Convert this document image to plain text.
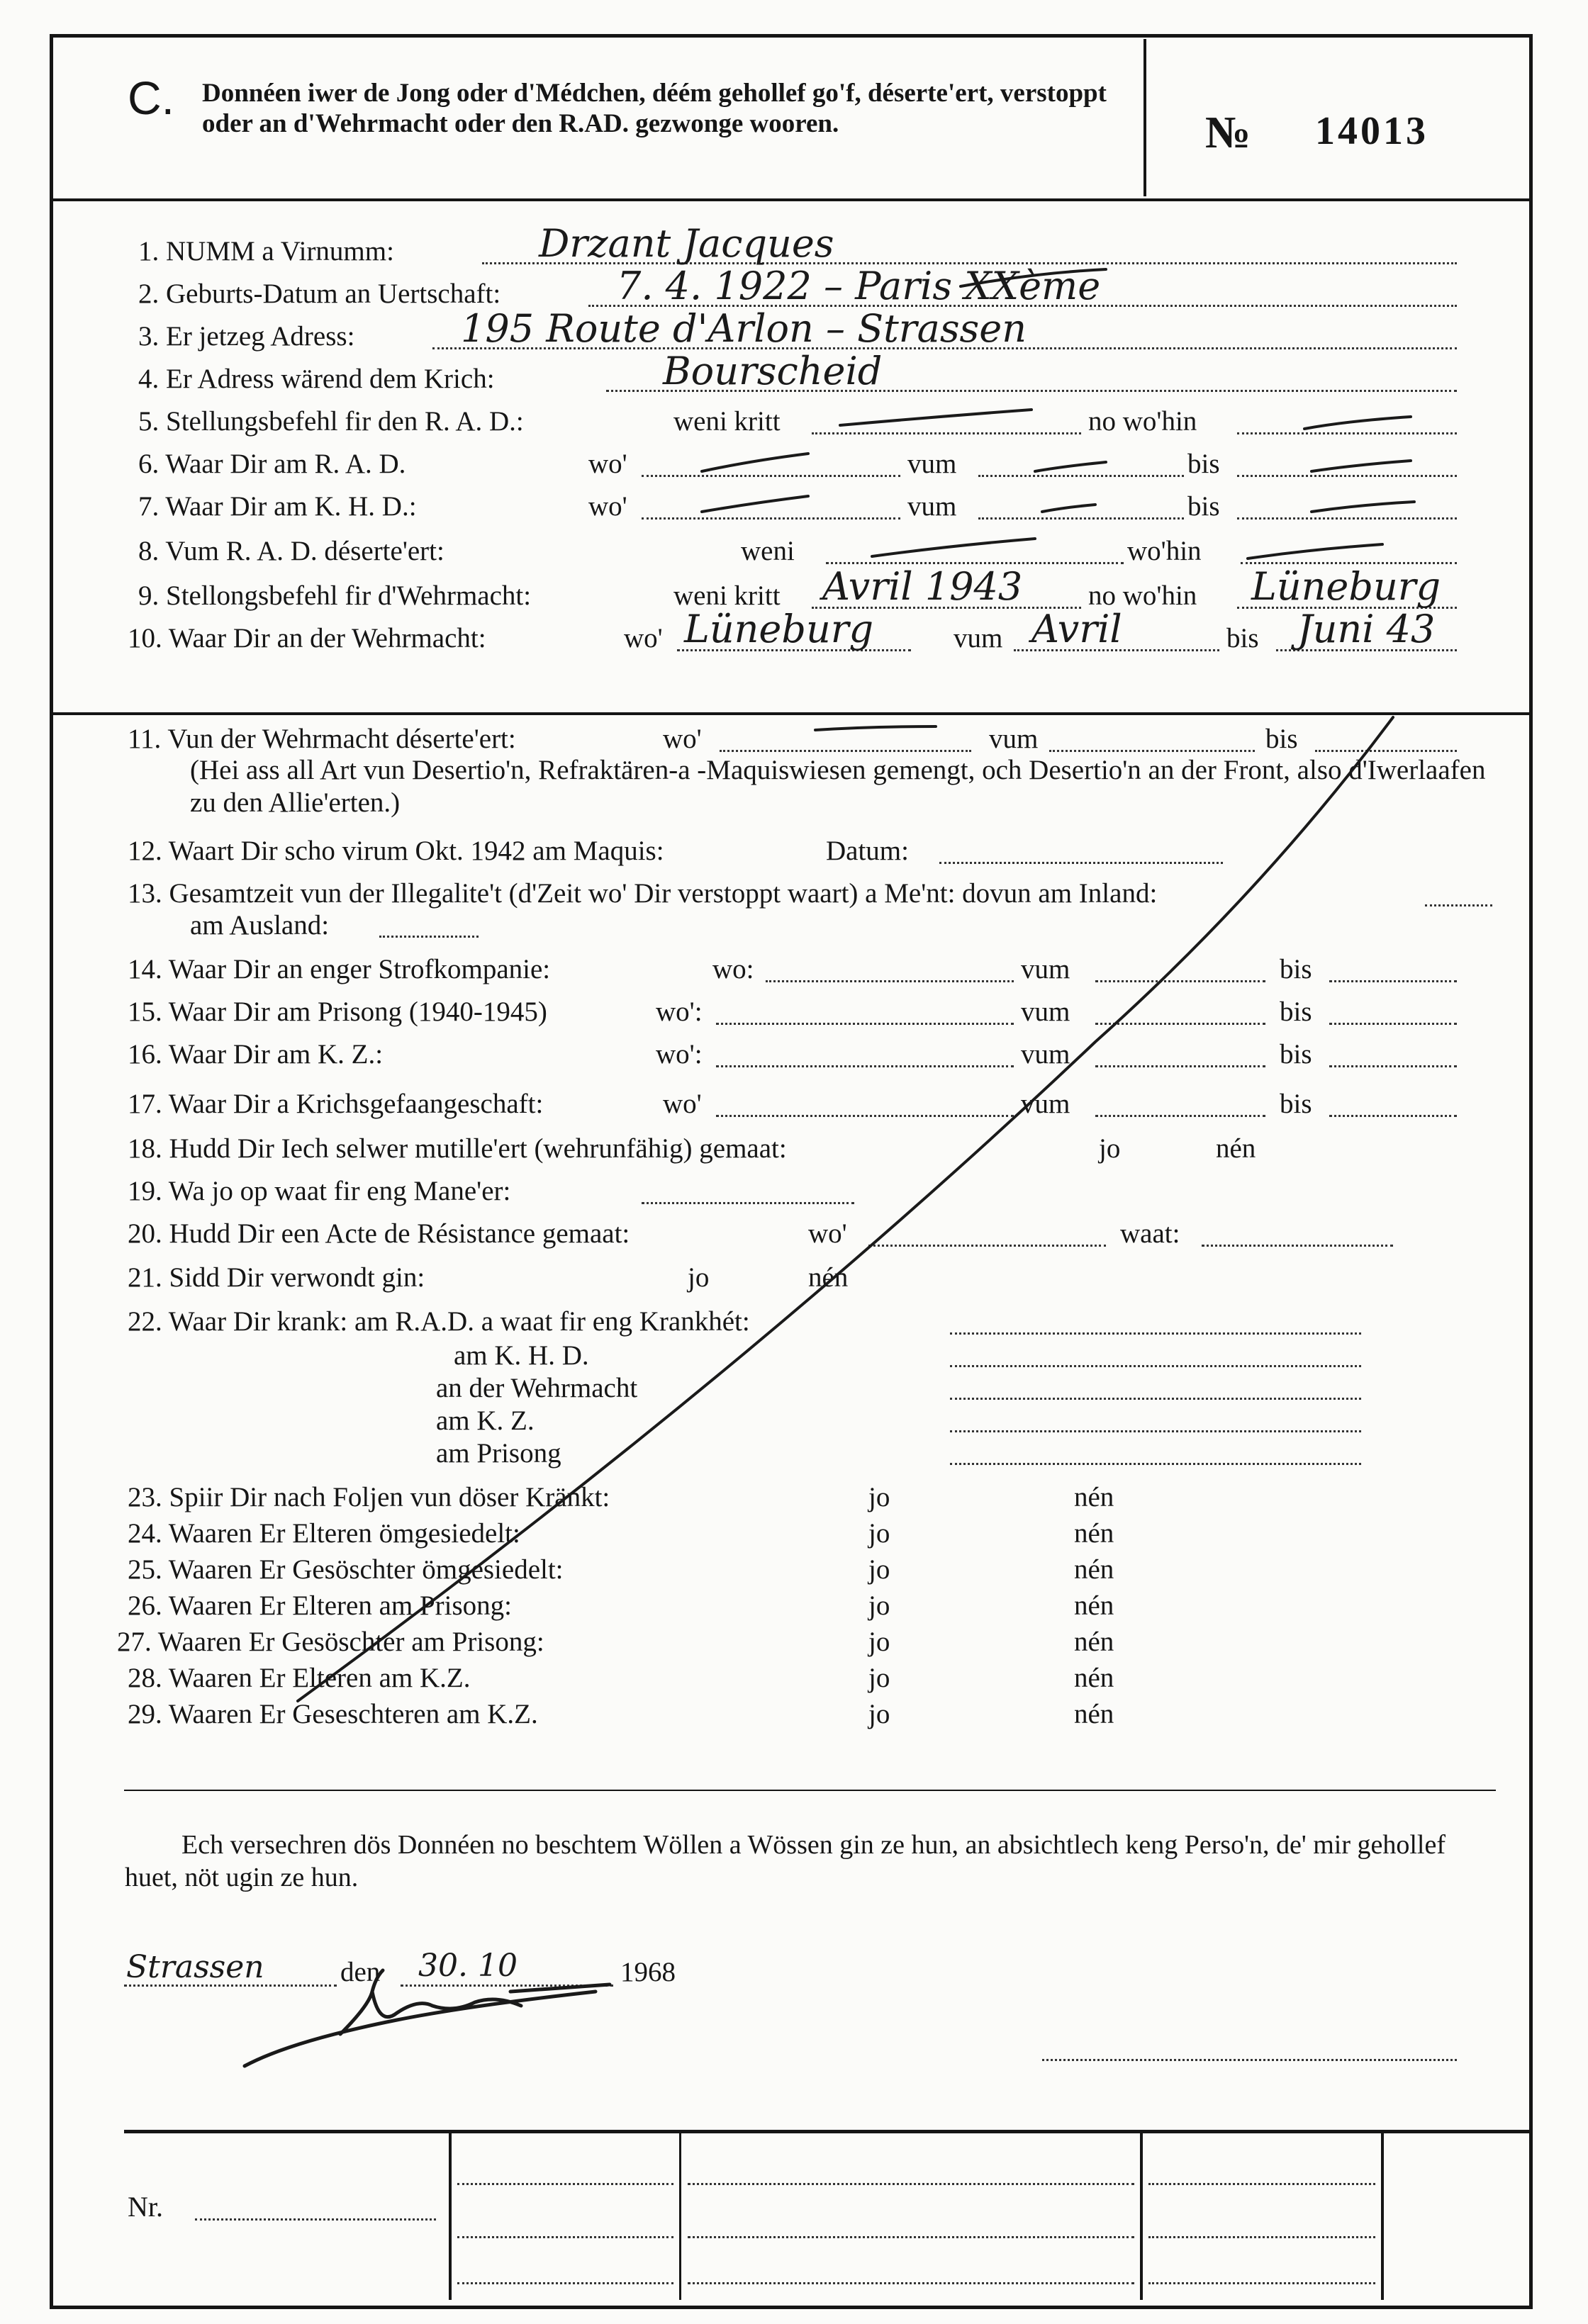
C. Donnéen iwer de Jong oder d'Médchen, déém gehollef go'f, déserte'ert, verstoppt oder an d'Wehrmacht oder den R.AD. gezwonge wooren.	№ 14013
1. NUMM a Virnumm:	Drzant Jacques
2. Geburts-Datum an Uertschaft:	7. 4. 1922 – Paris XXème
3. Er jetzeg Adress:	195 Route d'Arlon – Strassen
4. Er Adress wärend dem Krich:	Bourscheid
5. Stellungsbefehl fir den R. A. D.:	weni kritt	no wo'hin
6. Waar Dir am R. A. D.	wo'	vum	bis
7. Waar Dir am K. H. D.:	wo'	vum	bis
8. Vum R. A. D. déserte'ert:	weni	wo'hin
9. Stellongsbefehl fir d'Wehrmacht:	weni kritt Avril 1943 no wo'hin Lüneburg
10. Waar Dir an der Wehrmacht:	wo' Lüneburg	vum Avril	bis Juni 43
11. Vun der Wehrmacht déserte'ert:	wo'	vum	bis
(Hei ass all Art vun Desertio'n, Refraktären-a -Maquiswiesen gemengt, och Desertio'n an der Front, also d'Iwerlaafen zu den Allie'erten.)
12. Waart Dir scho virum Okt. 1942 am Maquis:	Datum:
13. Gesamtzeit vun der Illegalite't (d'Zeit wo' Dir verstoppt waart) a Me'nt: dovun am Inland:
am Ausland:
14. Waar Dir an enger Strofkompanie:	wo:	vum	bis
15. Waar Dir am Prisong (1940-1945)	wo':	vum	bis
16. Waar Dir am K. Z.:	wo':	vum	bis
17. Waar Dir a Krichsgefaangeschaft:	wo'	vum	bis
18. Hudd Dir Iech selwer mutille'ert (wehrunfähig) gemaat:	jo	nén
19. Wa jo op waat fir eng Mane'er:
20. Hudd Dir een Acte de Résistance gemaat:	wo'	waat:
21. Sidd Dir verwondt gin:	jo	nén
22. Waar Dir krank: am R.A.D. a waat fir eng Krankhét:
am K. H. D.
an der Wehrmacht
am K. Z.
am Prisong
23. Spiir Dir nach Foljen vun döser Kränkt:	jo	nén
24. Waaren Er Elteren ömgesiedelt:	jo	nén
25. Waaren Er Gesöschter ömgesiedelt:	jo	nén
26. Waaren Er Elteren am Prisong:	jo	nén
27. Waaren Er Gesöschter am Prisong:	jo	nén
28. Waaren Er Elteren am K.Z.	jo	nén
29. Waaren Er Geseschteren am K.Z.	jo	nén
Ech versechren dös Donnéen no beschtem Wöllen a Wössen gin ze hun, an absichtlech keng Perso'n, de' mir gehollef huet, nöt ugin ze hun.
Strassen	den 30. 10	1968
Nr.
